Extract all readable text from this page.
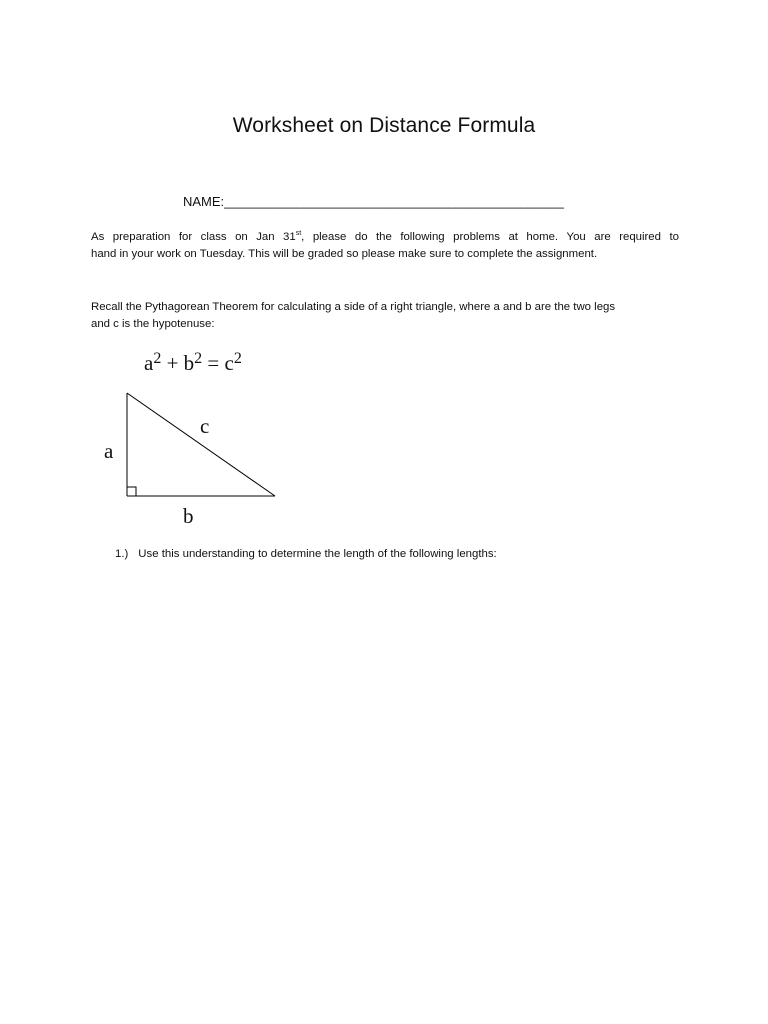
Worksheet on Distance Formula
NAME:_______________________________________________
As preparation for class on Jan 31st, please do the following problems at home. You are required to
hand in your work on Tuesday. This will be graded so please make sure to complete the assignment.
Recall the Pythagorean Theorem for calculating a side of a right triangle, where a and b are the two legs
and c is the hypotenuse:
$a^2 + b^2 = c^2$
a
b
c
1.) Use this understanding to determine the length of the following lengths:
